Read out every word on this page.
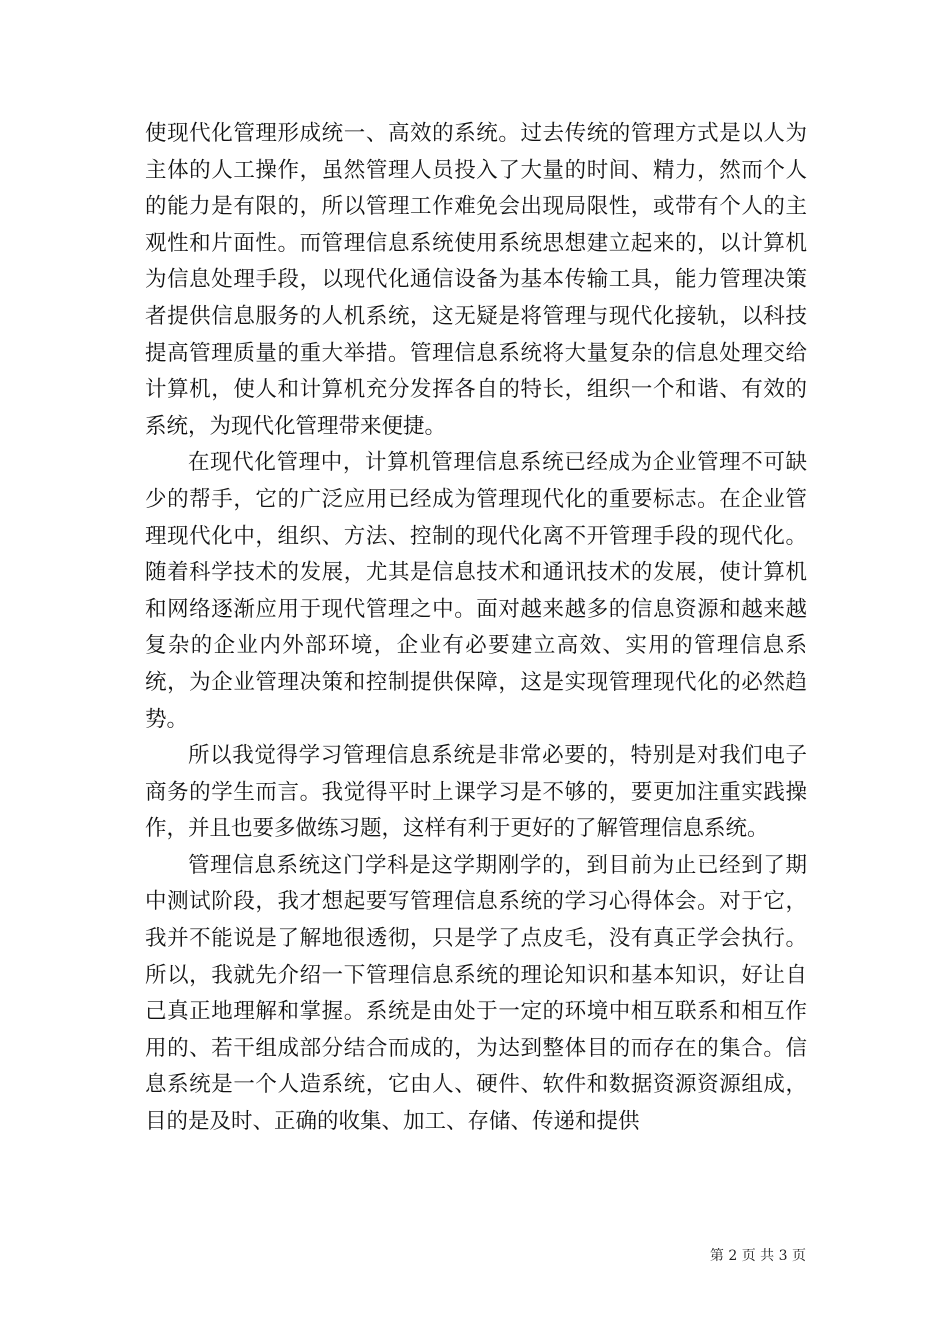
使现代化管理形成统一、高效的系统。过去传统的管理方式是以人为主体的人工操作，虽然管理人员投入了大量的时间、精力，然而个人的能力是有限的，所以管理工作难免会出现局限性，或带有个人的主观性和片面性。而管理信息系统使用系统思想建立起来的，以计算机为信息处理手段，以现代化通信设备为基本传输工具，能力管理决策者提供信息服务的人机系统，这无疑是将管理与现代化接轨，以科技提高管理质量的重大举措。管理信息系统将大量复杂的信息处理交给计算机，使人和计算机充分发挥各自的特长，组织一个和谐、有效的系统，为现代化管理带来便捷。

在现代化管理中，计算机管理信息系统已经成为企业管理不可缺少的帮手，它的广泛应用已经成为管理现代化的重要标志。在企业管理现代化中，组织、方法、控制的现代化离不开管理手段的现代化。随着科学技术的发展，尤其是信息技术和通讯技术的发展，使计算机和网络逐渐应用于现代管理之中。面对越来越多的信息资源和越来越复杂的企业内外部环境，企业有必要建立高效、实用的管理信息系统，为企业管理决策和控制提供保障，这是实现管理现代化的必然趋势。

所以我觉得学习管理信息系统是非常必要的，特别是对我们电子商务的学生而言。我觉得平时上课学习是不够的，要更加注重实践操作，并且也要多做练习题，这样有利于更好的了解管理信息系统。

管理信息系统这门学科是这学期刚学的，到目前为止已经到了期中测试阶段，我才想起要写管理信息系统的学习心得体会。对于它，我并不能说是了解地很透彻，只是学了点皮毛，没有真正学会执行。所以，我就先介绍一下管理信息系统的理论知识和基本知识，好让自己真正地理解和掌握。系统是由处于一定的环境中相互联系和相互作用的、若干组成部分结合而成的，为达到整体目的而存在的集合。信息系统是一个人造系统，它由人、硬件、软件和数据资源资源组成，目的是及时、正确的收集、加工、存储、传递和提供

第 2 页 共 3 页
